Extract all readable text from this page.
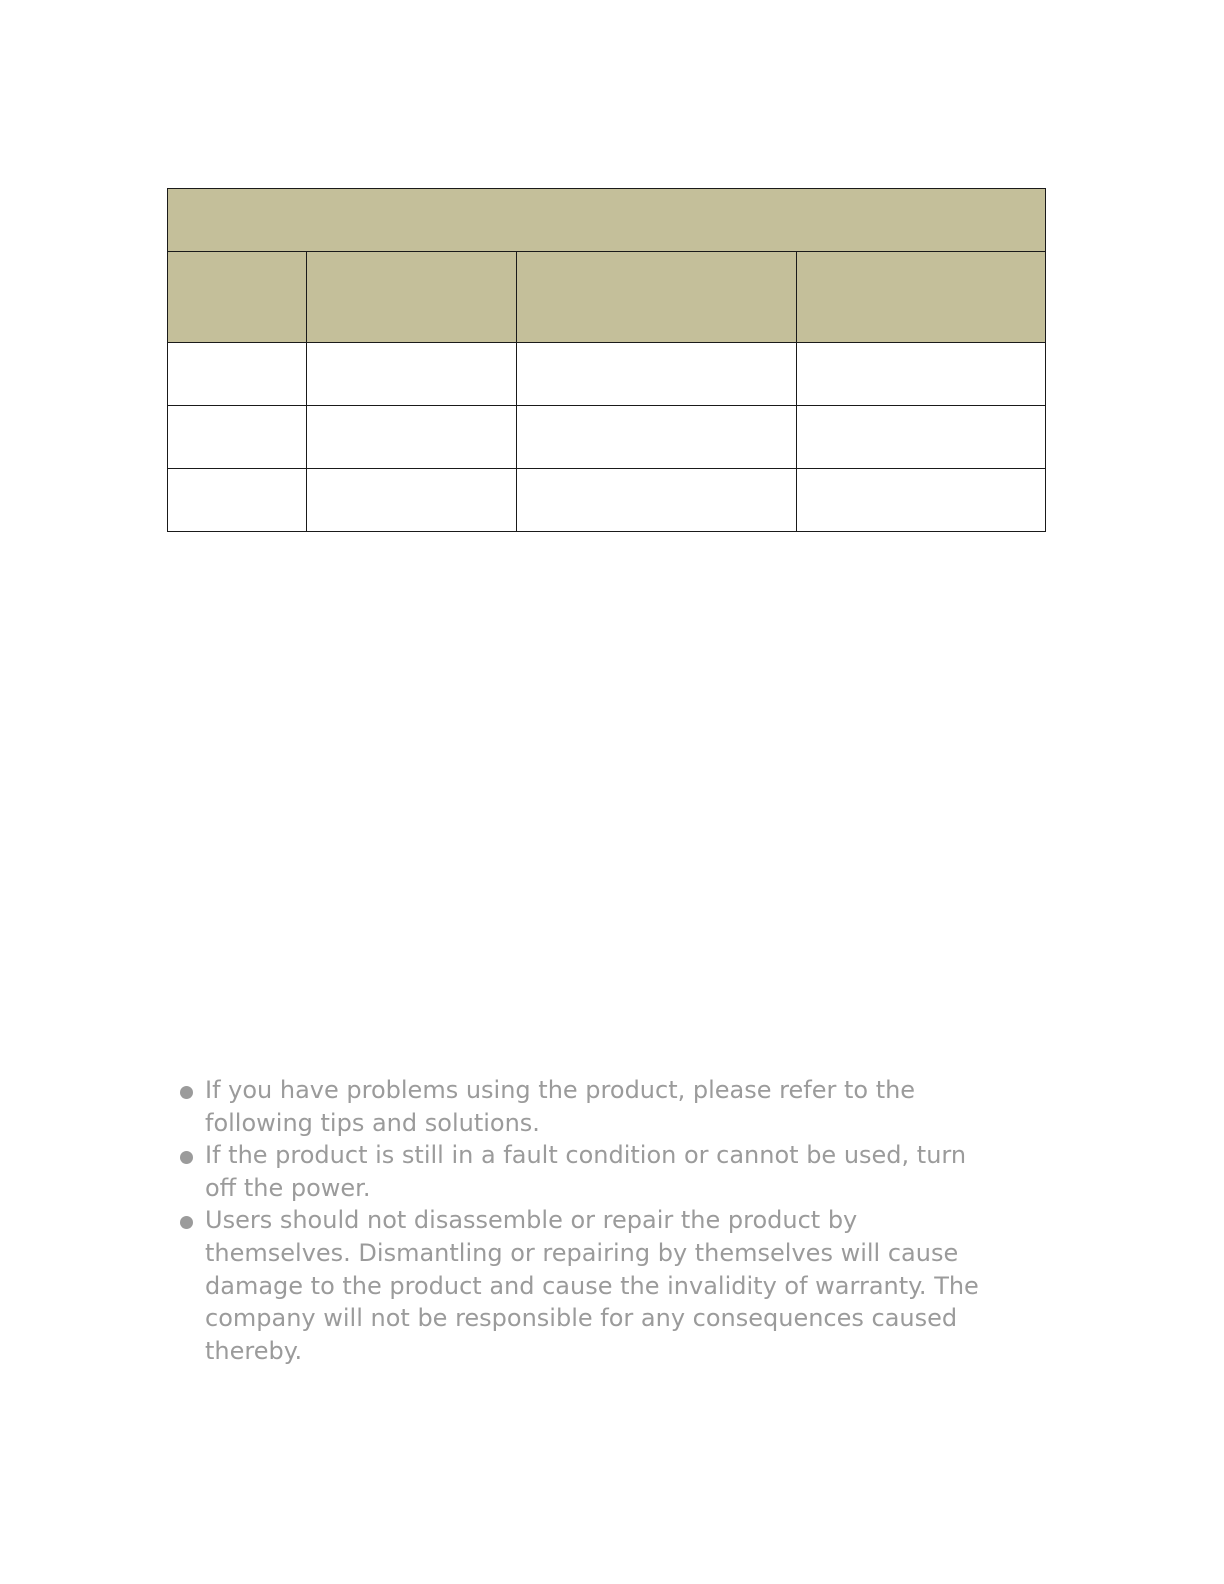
If you have problems using the product, please refer to the following tips and solutions.
If the product is still in a fault condition or cannot be used, turn off the power.
Users should not disassemble or repair the product by themselves. Dismantling or repairing by themselves will cause damage to the product and cause the invalidity of warranty. The company will not be responsible for any consequences caused thereby.
